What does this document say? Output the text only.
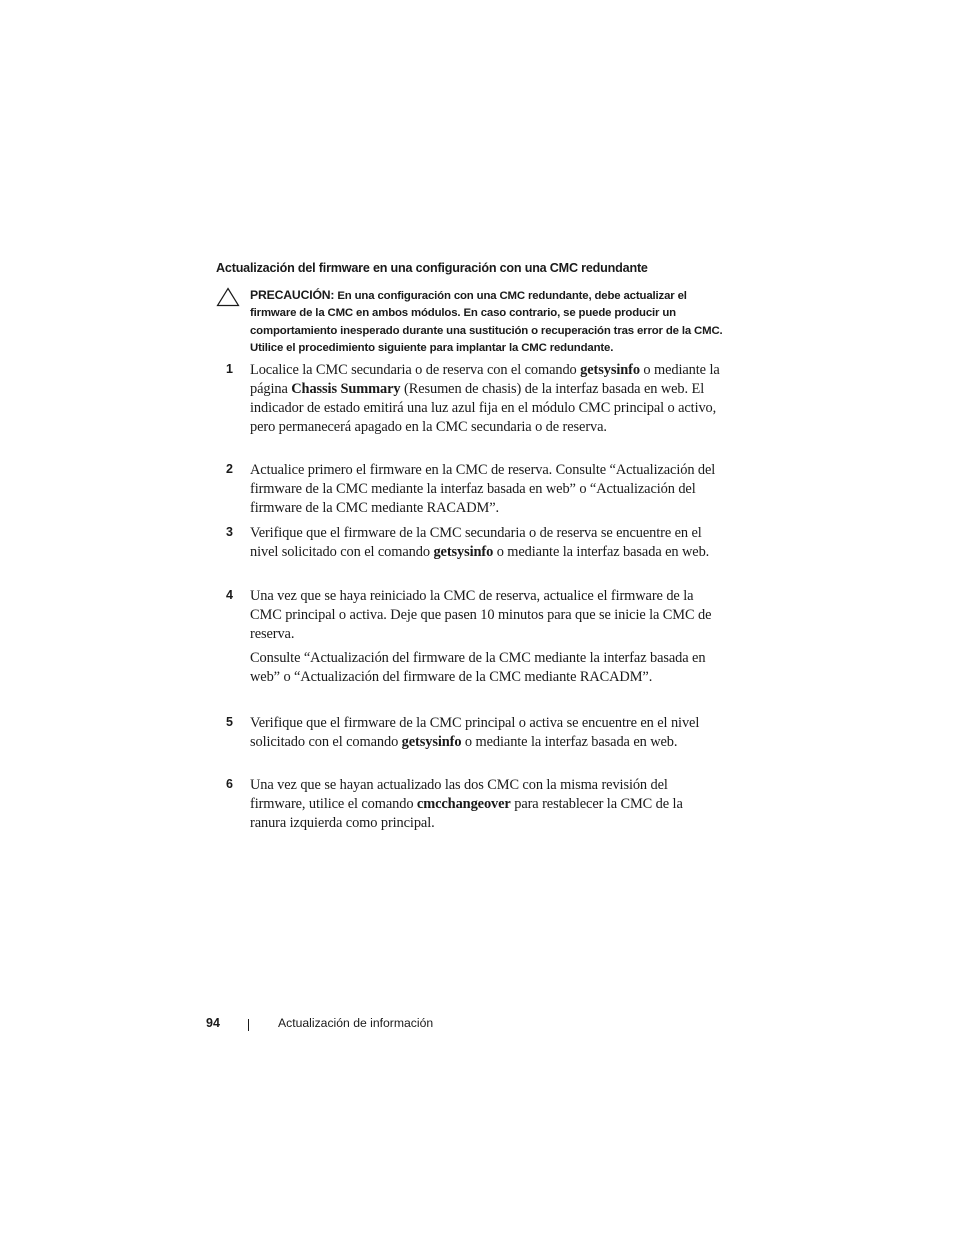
Actualización del firmware en una configuración con una CMC redundante
PRECAUCIÓN: En una configuración con una CMC redundante, debe actualizar el firmware de la CMC en ambos módulos. En caso contrario, se puede producir un comportamiento inesperado durante una sustitución o recuperación tras error de la CMC. Utilice el procedimiento siguiente para implantar la CMC redundante.
1 Localice la CMC secundaria o de reserva con el comando getsysinfo o mediante la página Chassis Summary (Resumen de chasis) de la interfaz basada en web. El indicador de estado emitirá una luz azul fija en el módulo CMC principal o activo, pero permanecerá apagado en la CMC secundaria o de reserva.
2 Actualice primero el firmware en la CMC de reserva. Consulte “Actualización del firmware de la CMC mediante la interfaz basada en web” o “Actualización del firmware de la CMC mediante RACADM”.
3 Verifique que el firmware de la CMC secundaria o de reserva se encuentre en el nivel solicitado con el comando getsysinfo o mediante la interfaz basada en web.
4 Una vez que se haya reiniciado la CMC de reserva, actualice el firmware de la CMC principal o activa. Deje que pasen 10 minutos para que se inicie la CMC de reserva.
Consulte “Actualización del firmware de la CMC mediante la interfaz basada en web” o “Actualización del firmware de la CMC mediante RACADM”.
5 Verifique que el firmware de la CMC principal o activa se encuentre en el nivel solicitado con el comando getsysinfo o mediante la interfaz basada en web.
6 Una vez que se hayan actualizado las dos CMC con la misma revisión del firmware, utilice el comando cmcchangeover para restablecer la CMC de la ranura izquierda como principal.
94	Actualización de información
